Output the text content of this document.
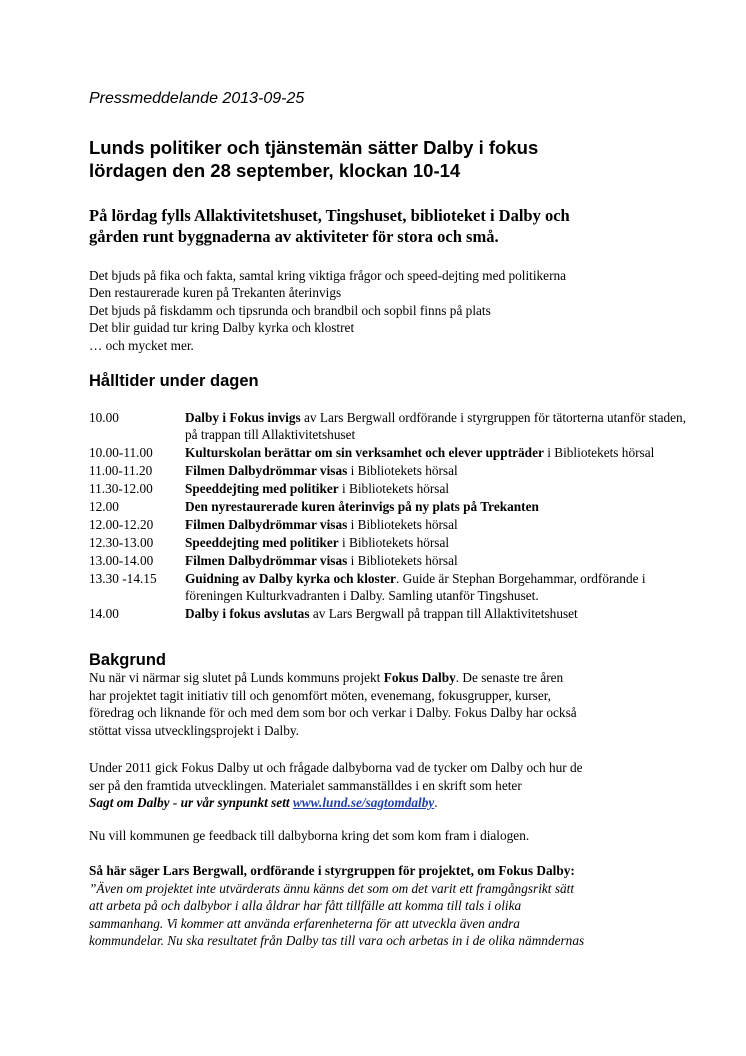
Pressmeddelande 2013-09-25
Lunds politiker och tjänstemän sätter Dalby i fokus
lördagen den 28 september, klockan 10-14
På lördag fylls Allaktivitetshuset, Tingshuset, biblioteket i Dalby och
gården runt byggnaderna av aktiviteter för stora och små.
Det bjuds på fika och fakta, samtal kring viktiga frågor och speed-dejting med politikerna
Den restaurerade kuren på Trekanten återinvigs
Det bjuds på fiskdamm och tipsrunda och brandbil och sopbil finns på plats
Det blir guidad tur kring Dalby kyrka och klostret
… och mycket mer.
Hålltider under dagen
10.00	Dalby i Fokus invigs av Lars Bergwall ordförande i styrgruppen för tätorterna utanför staden, på trappan till Allaktivitetshuset
10.00-11.00	Kulturskolan berättar om sin verksamhet och elever uppträder i Bibliotekets hörsal
11.00-11.20	Filmen Dalbydrömmar visas i Bibliotekets hörsal
11.30-12.00	Speeddejting med politiker i Bibliotekets hörsal
12.00	Den nyrestaurerade kuren återinvigs på ny plats på Trekanten
12.00-12.20	Filmen Dalbydrömmar visas i Bibliotekets hörsal
12.30-13.00	Speeddejting med politiker i Bibliotekets hörsal
13.00-14.00	Filmen Dalbydrömmar visas i Bibliotekets hörsal
13.30 -14.15	Guidning av Dalby kyrka och kloster. Guide är Stephan Borgehammar, ordförande i föreningen Kulturkvadranten i Dalby. Samling utanför Tingshuset.
14.00	Dalby i fokus avslutas av Lars Bergwall på trappan till Allaktivitetshuset
Bakgrund
Nu när vi närmar sig slutet på Lunds kommuns projekt Fokus Dalby. De senaste tre åren
har projektet tagit initiativ till och genomfört möten, evenemang, fokusgrupper, kurser,
föredrag och liknande för och med dem som bor och verkar i Dalby. Fokus Dalby har också
stöttat vissa utvecklingsprojekt i Dalby.
Under 2011 gick Fokus Dalby ut och frågade dalbyborna vad de tycker om Dalby och hur de
ser på den framtida utvecklingen. Materialet sammanställdes i en skrift som heter
Sagt om Dalby - ur vår synpunkt sett www.lund.se/sagtomdalby.
Nu vill kommunen ge feedback till dalbyborna kring det som kom fram i dialogen.
Så här säger Lars Bergwall, ordförande i styrgruppen för projektet, om Fokus Dalby:
”Även om projektet inte utvärderats ännu känns det som om det varit ett framgångsrikt sätt
att arbeta på och dalbybor i alla åldrar har fått tillfälle att komma till tals i olika
sammanhang. Vi kommer att använda erfarenheterna för att utveckla även andra
kommundelar. Nu ska resultatet från Dalby tas till vara och arbetas in i de olika nämndernas
